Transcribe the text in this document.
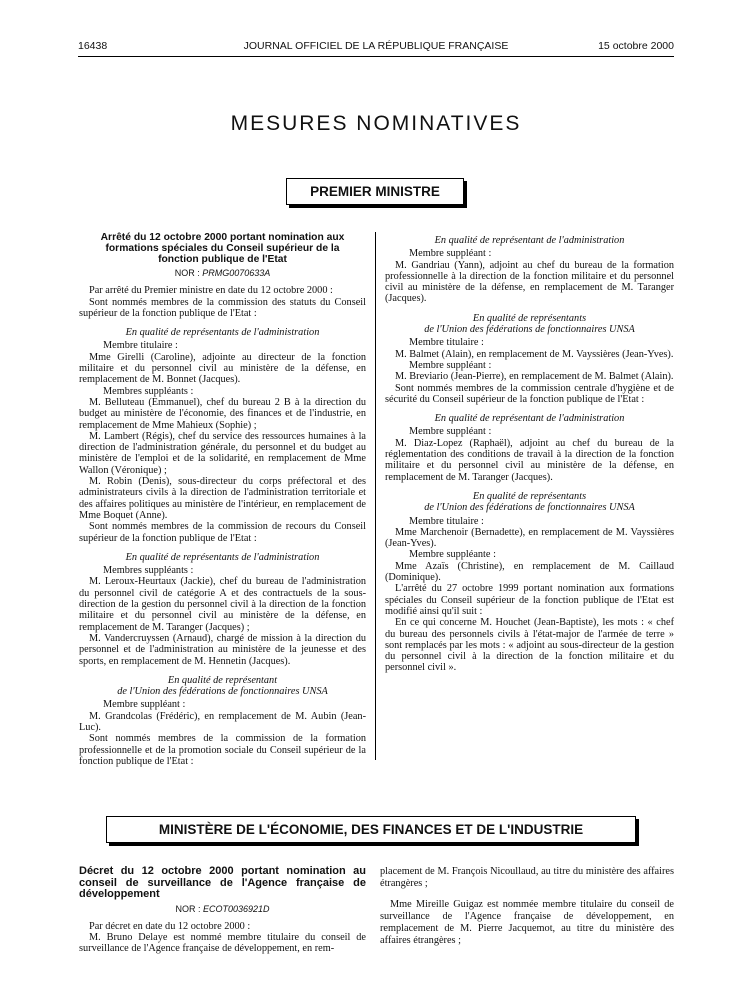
16438	JOURNAL OFFICIEL DE LA RÉPUBLIQUE FRANÇAISE	15 octobre 2000
MESURES NOMINATIVES
PREMIER MINISTRE
Arrêté du 12 octobre 2000 portant nomination aux formations spéciales du Conseil supérieur de la fonction publique de l'Etat
NOR : PRMG0070633A

Par arrêté du Premier ministre en date du 12 octobre 2000 :

Sont nommés membres de la commission des statuts du Conseil supérieur de la fonction publique de l'Etat :

En qualité de représentants de l'administration

Membre titulaire :

Mme Girelli (Caroline), adjointe au directeur de la fonction militaire et du personnel civil au ministère de la défense, en remplacement de M. Bonnet (Jacques).

Membres suppléants :

M. Belluteau (Emmanuel), chef du bureau 2 B à la direction du budget au ministère de l'économie, des finances et de l'industrie, en remplacement de Mme Mahieux (Sophie) ;

M. Lambert (Régis), chef du service des ressources humaines à la direction de l'administration générale, du personnel et du budget au ministère de l'emploi et de la solidarité, en remplacement de Mme Wallon (Véronique) ;

M. Robin (Denis), sous-directeur du corps préfectoral et des administrateurs civils à la direction de l'administration territoriale et des affaires politiques au ministère de l'intérieur, en remplacement de Mme Boquet (Anne).

Sont nommés membres de la commission de recours du Conseil supérieur de la fonction publique de l'Etat :

En qualité de représentants de l'administration

Membres suppléants :

M. Leroux-Heurtaux (Jackie), chef du bureau de l'administration du personnel civil de catégorie A et des contractuels de la sous-direction de la gestion du personnel civil à la direction de la fonction militaire et du personnel civil au ministère de la défense, en remplacement de M. Taranger (Jacques) ;

M. Vandercruyssen (Arnaud), chargé de mission à la direction du personnel et de l'administration au ministère de la jeunesse et des sports, en remplacement de M. Hennetin (Jacques).

En qualité de représentant
de l'Union des fédérations de fonctionnaires UNSA

Membre suppléant :

M. Grandcolas (Frédéric), en remplacement de M. Aubin (Jean-Luc).

Sont nommés membres de la commission de la formation professionnelle et de la promotion sociale du Conseil supérieur de la fonction publique de l'Etat :

En qualité de représentant de l'administration

Membre suppléant :

M. Gandriau (Yann), adjoint au chef du bureau de la formation professionnelle à la direction de la fonction militaire et du personnel civil au ministère de la défense, en remplacement de M. Taranger (Jacques).

En qualité de représentants
de l'Union des fédérations de fonctionnaires UNSA

Membre titulaire :

M. Balmet (Alain), en remplacement de M. Vayssières (Jean-Yves).

Membre suppléant :

M. Breviario (Jean-Pierre), en remplacement de M. Balmet (Alain).

Sont nommés membres de la commission centrale d'hygiène et de sécurité du Conseil supérieur de la fonction publique de l'Etat :

En qualité de représentant de l'administration

Membre suppléant :

M. Diaz-Lopez (Raphaël), adjoint au chef du bureau de la réglementation des conditions de travail à la direction de la fonction militaire et du personnel civil au ministère de la défense, en remplacement de M. Taranger (Jacques).

En qualité de représentants
de l'Union des fédérations de fonctionnaires UNSA

Membre titulaire :

Mme Marchenoir (Bernadette), en remplacement de M. Vayssières (Jean-Yves).

Membre suppléante :

Mme Azaïs (Christine), en remplacement de M. Caillaud (Dominique).

L'arrêté du 27 octobre 1999 portant nomination aux formations spéciales du Conseil supérieur de la fonction publique de l'Etat est modifié ainsi qu'il suit :

En ce qui concerne M. Houchet (Jean-Baptiste), les mots : « chef du bureau des personnels civils à l'état-major de l'armée de terre » sont remplacés par les mots : « adjoint au sous-directeur de la gestion du personnel civil à la direction de la fonction militaire et du personnel civil ».

MINISTÈRE DE L'ÉCONOMIE, DES FINANCES ET DE L'INDUSTRIE
Décret du 12 octobre 2000 portant nomination au conseil de surveillance de l'Agence française de développement
NOR : ECOT0036921D

Par décret en date du 12 octobre 2000 :

M. Bruno Delaye est nommé membre titulaire du conseil de surveillance de l'Agence française de développement, en rem-

placement de M. François Nicoullaud, au titre du ministère des affaires étrangères ;

Mme Mireille Guigaz est nommée membre titulaire du conseil de surveillance de l'Agence française de développement, en remplacement de M. Pierre Jacquemot, au titre du ministère des affaires étrangères ;
